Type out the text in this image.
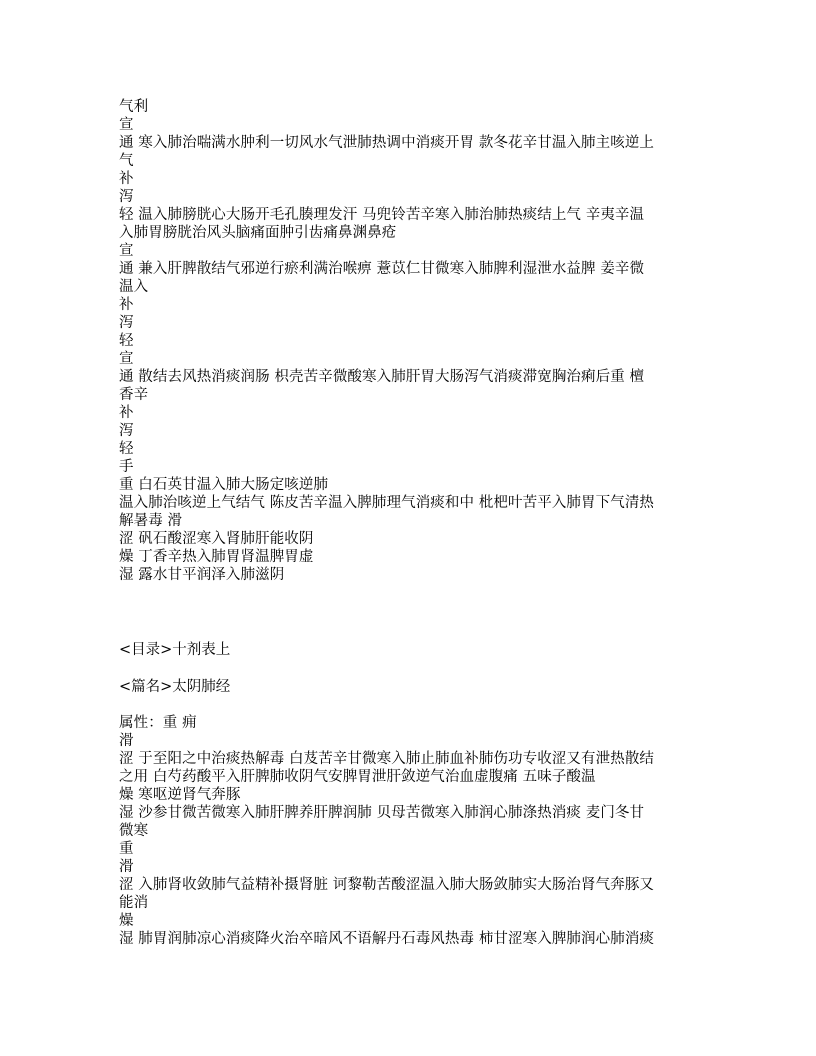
气利
宣
通 寒入肺治喘满水肿利一切风水气泄肺热调中消痰开胃 款冬花辛甘温入肺主咳逆上
气
补
泻
轻 温入肺膀胱心大肠开毛孔腠理发汗 马兜铃苦辛寒入肺治肺热痰结上气 辛夷辛温
入肺胃膀胱治风头脑痛面肿引齿痛鼻渊鼻疮
宣
通 兼入肝脾散结气邪逆行瘀利满治喉痹 薏苡仁甘微寒入肺脾利湿泄水益脾 姜辛微
温入
补
泻
轻
宣
通 散结去风热消痰润肠 枳壳苦辛微酸寒入肺肝胃大肠泻气消痰滞宽胸治痢后重 檀
香辛
补
泻
轻
手
重 白石英甘温入肺大肠定咳逆肺
温入肺治咳逆上气结气 陈皮苦辛温入脾肺理气消痰和中 枇杷叶苦平入肺胃下气清热
解暑毒 滑
涩 矾石酸涩寒入肾肺肝能收阴
燥 丁香辛热入肺胃肾温脾胃虚
湿 露水甘平润泽入肺滋阴
<目录>十剂表上
<篇名>太阴肺经
属性：重 痈
滑
涩 于至阳之中治痰热解毒 白芨苦辛甘微寒入肺止肺血补肺伤功专收涩又有泄热散结
之用 白芍药酸平入肝脾肺收阴气安脾胃泄肝敛逆气治血虚腹痛 五味子酸温
燥 寒呕逆肾气奔豚
湿 沙参甘微苦微寒入肺肝脾养肝脾润肺 贝母苦微寒入肺润心肺涤热消痰 麦门冬甘
微寒
重
滑
涩 入肺肾收敛肺气益精补摄肾脏 诃黎勒苦酸涩温入肺大肠敛肺实大肠治肾气奔豚又
能消
燥
湿 肺胃润肺凉心消痰降火治卒暗风不语解丹石毒风热毒 柿甘涩寒入脾肺润心肺消痰
